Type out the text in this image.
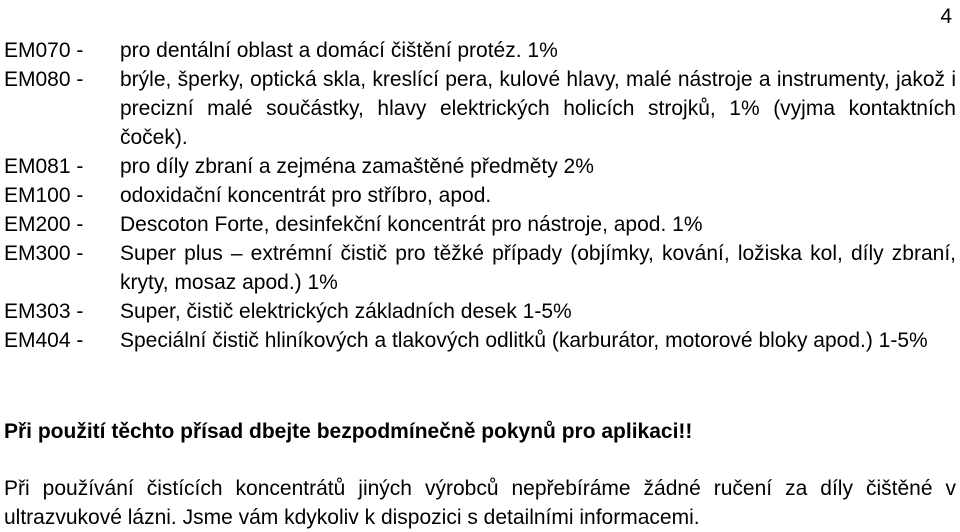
4
EM070 -	pro dentální oblast a domácí čištění protéz. 1%
EM080 -	brýle, šperky, optická skla, kreslící pera, kulové hlavy, malé nástroje a instrumenty, jakož i precizní malé součástky, hlavy elektrických holicích strojků, 1% (vyjma kontaktních čoček).
EM081 -	pro díly zbraní a zejména zamaštěné předměty 2%
EM100 -	odoxidační koncentrát pro stříbro, apod.
EM200 -	Descoton Forte, desinfekční koncentrát pro nástroje, apod. 1%
EM300 -	Super plus – extrémní čistič pro těžké případy (objímky, kování, ložiska kol, díly zbraní, kryty, mosaz apod.) 1%
EM303 -	Super, čistič elektrických základních desek 1-5%
EM404 -	Speciální čistič hliníkových a tlakových odlitků (karburátor, motorové bloky apod.) 1-5%
Při použití těchto přísad dbejte bezpodmínečně pokynů pro aplikaci!!
Při používání čistících koncentrátů jiných výrobců nepřebíráme žádné ručení za díly čištěné v ultrazvukové lázni. Jsme vám kdykoliv k dispozici s detailními informacemi.
